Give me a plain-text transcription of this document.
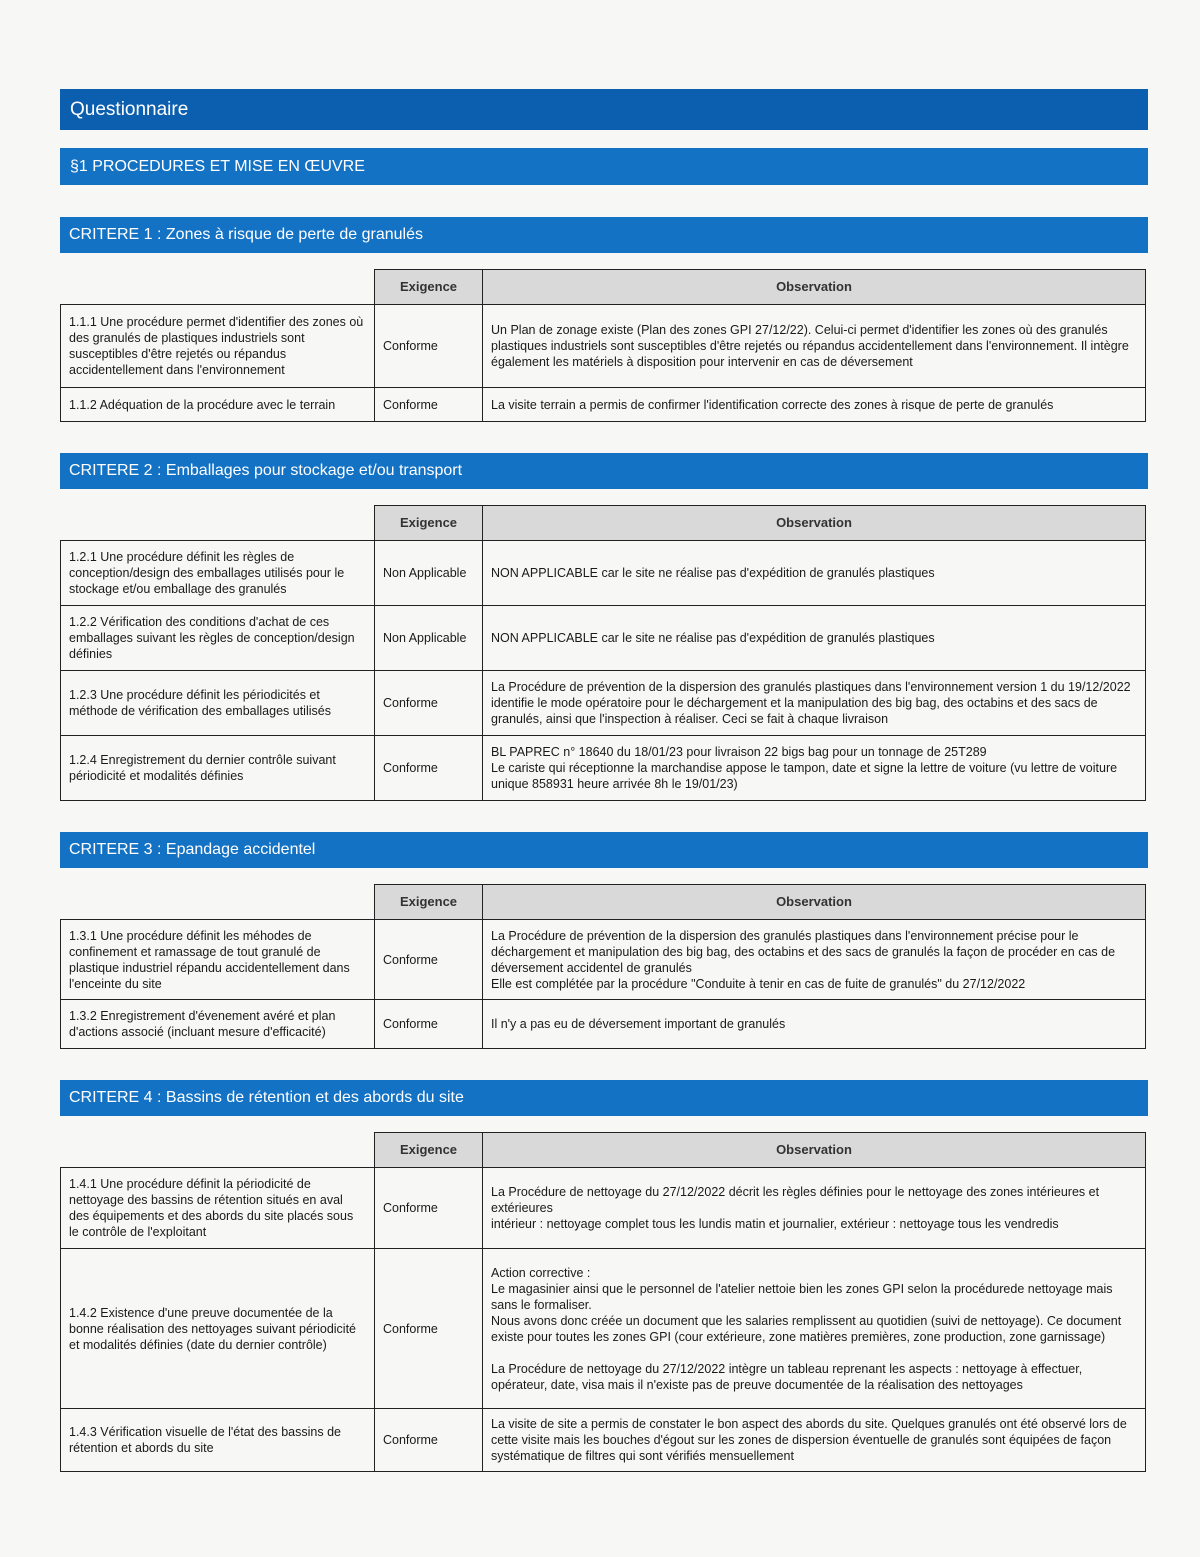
Questionnaire
§1 PROCEDURES ET MISE EN ŒUVRE
CRITERE 1 : Zones à risque de perte de granulés
	Exigence	Observation
1.1.1 Une procédure permet d'identifier des zones où des granulés de plastiques industriels sont susceptibles d'être rejetés ou répandus accidentellement dans l'environnement	Conforme	Un Plan de zonage existe (Plan des zones GPI 27/12/22). Celui-ci permet d'identifier les zones où des granulés plastiques industriels sont susceptibles d'être rejetés ou répandus accidentellement dans l'environnement. Il intègre également les matériels à disposition pour intervenir en cas de déversement
1.1.2 Adéquation de la procédure avec le terrain	Conforme	La visite terrain a permis de confirmer l'identification correcte des zones à risque de perte de granulés
CRITERE 2 : Emballages pour stockage et/ou transport
	Exigence	Observation
1.2.1 Une procédure définit les règles de conception/design des emballages utilisés pour le stockage et/ou emballage des granulés	Non Applicable	NON APPLICABLE car le site ne réalise pas d'expédition de granulés plastiques
1.2.2 Vérification des conditions d'achat de ces emballages suivant les règles de conception/design définies	Non Applicable	NON APPLICABLE car le site ne réalise pas d'expédition de granulés plastiques
1.2.3 Une procédure définit les périodicités et méthode de vérification des emballages utilisés	Conforme	La Procédure de prévention de la dispersion des granulés plastiques dans l'environnement version 1 du 19/12/2022 identifie le mode opératoire pour le déchargement et la manipulation des big bag, des octabins et des sacs de granulés, ainsi que l'inspection à réaliser. Ceci se fait à chaque livraison
1.2.4 Enregistrement du dernier contrôle suivant périodicité et modalités définies	Conforme	BL PAPREC n° 18640 du 18/01/23 pour livraison 22 bigs bag pour un tonnage de 25T289
Le cariste qui réceptionne la marchandise appose le tampon, date et signe la lettre de voiture (vu lettre de voiture unique 858931 heure arrivée 8h le 19/01/23)
CRITERE 3 : Epandage accidentel
	Exigence	Observation
1.3.1 Une procédure définit les méhodes de confinement et ramassage de tout granulé de plastique industriel répandu accidentellement dans l'enceinte du site	Conforme	La Procédure de prévention de la dispersion des granulés plastiques dans l'environnement précise pour le déchargement et manipulation des big bag, des octabins et des sacs de granulés la façon de procéder en cas de déversement accidentel de granulés
Elle est complétée par la procédure "Conduite à tenir en cas de fuite de granulés" du 27/12/2022
1.3.2 Enregistrement d'évenement avéré et plan d'actions associé (incluant mesure d'efficacité)	Conforme	Il n'y a pas eu de déversement important de granulés
CRITERE 4 : Bassins de rétention et des abords du site
	Exigence	Observation
1.4.1 Une procédure définit la périodicité de nettoyage des bassins de rétention situés en aval des équipements et des abords du site placés sous le contrôle de l'exploitant	Conforme	La Procédure de nettoyage du 27/12/2022 décrit les règles définies pour le nettoyage des zones intérieures et extérieures
intérieur : nettoyage complet tous les lundis matin et journalier, extérieur : nettoyage tous les vendredis
1.4.2 Existence d'une preuve documentée de la bonne réalisation des nettoyages suivant périodicité et modalités définies (date du dernier contrôle)	Conforme	Action corrective :
Le magasinier ainsi que le personnel de l'atelier nettoie bien les zones GPI selon la procéduredе nettoyage mais sans le formaliser.
Nous avons donc créée un document que les salaries remplissent au quotidien (suivi de nettoyage). Ce document existe pour toutes les zones GPI (cour extérieure, zone matières premières, zone production, zone garnissage)

La Procédure de nettoyage du 27/12/2022 intègre un tableau reprenant les aspects : nettoyage à effectuer, opérateur, date, visa mais il n'existe pas de preuve documentée de la réalisation des nettoyages
1.4.3 Vérification visuelle de l'état des bassins de rétention et abords du site	Conforme	La visite de site a permis de constater le bon aspect des abords du site. Quelques granulés ont été observé lors de cette visite mais les bouches d'égout sur les zones de dispersion éventuelle de granulés sont équipées de façon systématique de filtres qui sont vérifiés mensuellement
